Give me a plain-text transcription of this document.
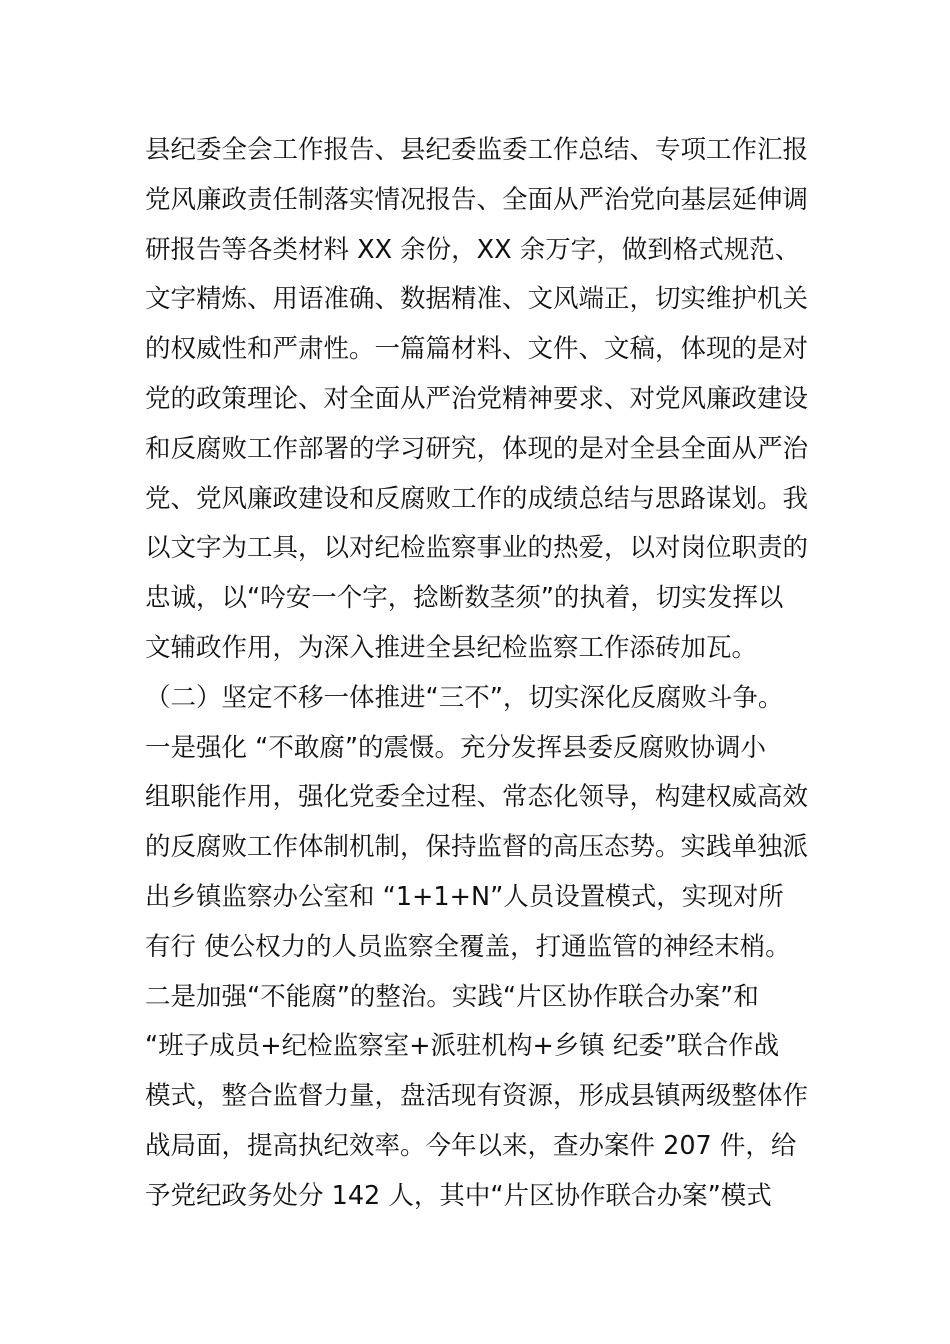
县纪委全会工作报告、县纪委监委工作总结、专项工作汇报
党风廉政责任制落实情况报告、全面从严治党向基层延伸调
研报告等各类材料 XX 余份，XX 余万字，做到格式规范、
文字精炼、用语准确、数据精准、文风端正，切实维护机关
的权威性和严肃性。一篇篇材料、文件、文稿，体现的是对
党的政策理论、对全面从严治党精神要求、对党风廉政建设
和反腐败工作部署的学习研究，体现的是对全县全面从严治
党、党风廉政建设和反腐败工作的成绩总结与思路谋划。我
以文字为工具，以对纪检监察事业的热爱，以对岗位职责的
忠诚，以“吟安一个字，捻断数茎须”的执着，切实发挥以
文辅政作用，为深入推进全县纪检监察工作添砖加瓦。
（二）坚定不移一体推进“三不”，切实深化反腐败斗争。
一是强化 “不敢腐”的震慑。充分发挥县委反腐败协调小
组职能作用，强化党委全过程、常态化领导，构建权威高效
的反腐败工作体制机制，保持监督的高压态势。实践单独派
出乡镇监察办公室和 “1+1+N”人员设置模式，实现对所
有行 使公权力的人员监察全覆盖，打通监管的神经末梢。
二是加强“不能腐”的整治。实践“片区协作联合办案”和
“班子成员+纪检监察室+派驻机构+乡镇 纪委”联合作战
模式，整合监督力量，盘活现有资源，形成县镇两级整体作
战局面，提高执纪效率。今年以来，查办案件 207 件，给
予党纪政务处分 142 人，其中“片区协作联合办案”模式
